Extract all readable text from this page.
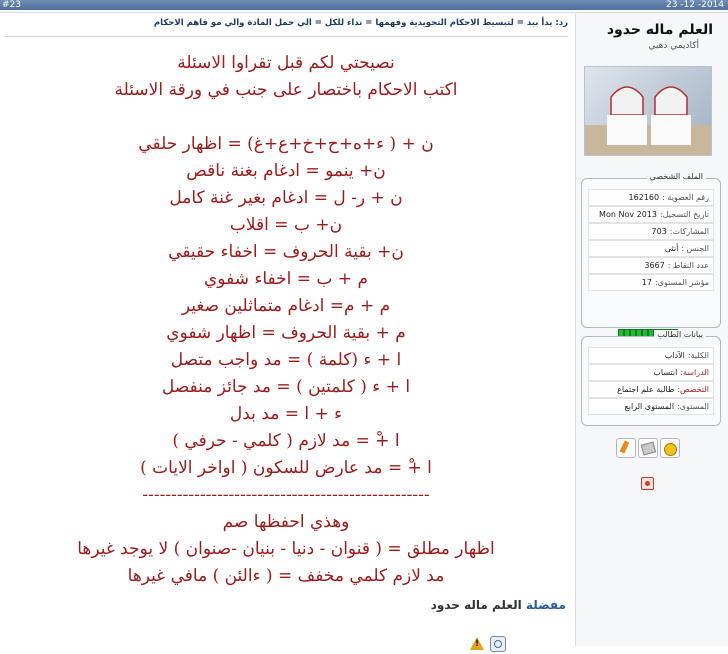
#23	23 -12 -2014
رد: بدأ بيد = لتبسيط الاحكام التجويدية وفهمها = نداء للكل = الي حمل المادة والي مو فاهم الاحكام
نصيحتي لكم قبل تقراوا الاسئلة
اكتب الاحكام باختصار على جنب في ورقة الاسئلة
ن + ( ء+ه+ح+خ+ع+غ) = اظهار حلقي
ن+ ينمو = ادغام بغنة ناقص
ن + ر- ل = ادغام بغير غنة كامل
ن+ ب = اقلاب
ن+ بقية الحروف = اخفاء حقيقي
م + ب = اخفاء شفوي
م + م= ادغام متماثلين صغير
م + بقية الحروف = اظهار شفوي
ا + ء (كلمة ) = مد واجب متصل
ا + ء ( كلمتين ) = مد جائز منفصل
ء + ا = مد بدل
ا +ْ = مد لازم ( كلمي - حرفي )
ا +ْ = مد عارض للسكون ( اواخر الايات )
--------------------------------------------------
وهذي احفظها صم
اظهار مطلق = ( قنوان - دنيا - بنيان -صنوان ) لا يوجد غيرها
مد لازم كلمي مخفف = ( ءالئن ) مافي غيرها
مفضلة العلم ماله حدود
!
العلم ماله حدود
أكاديمي ذهبي
الملف الشخصي
رقم العضوية :162160
تاريخ التسجيل:Mon Nov 2013
المشاركات:703
الجنس :أنثى
عدد النقاط :3667
مؤشر المستوى:17
بيانات الطالب
الكلية:الآداب
الدراسة:انتساب
التخصص:طالبة علم اجتماع
المستوى:المستوى الرابع
